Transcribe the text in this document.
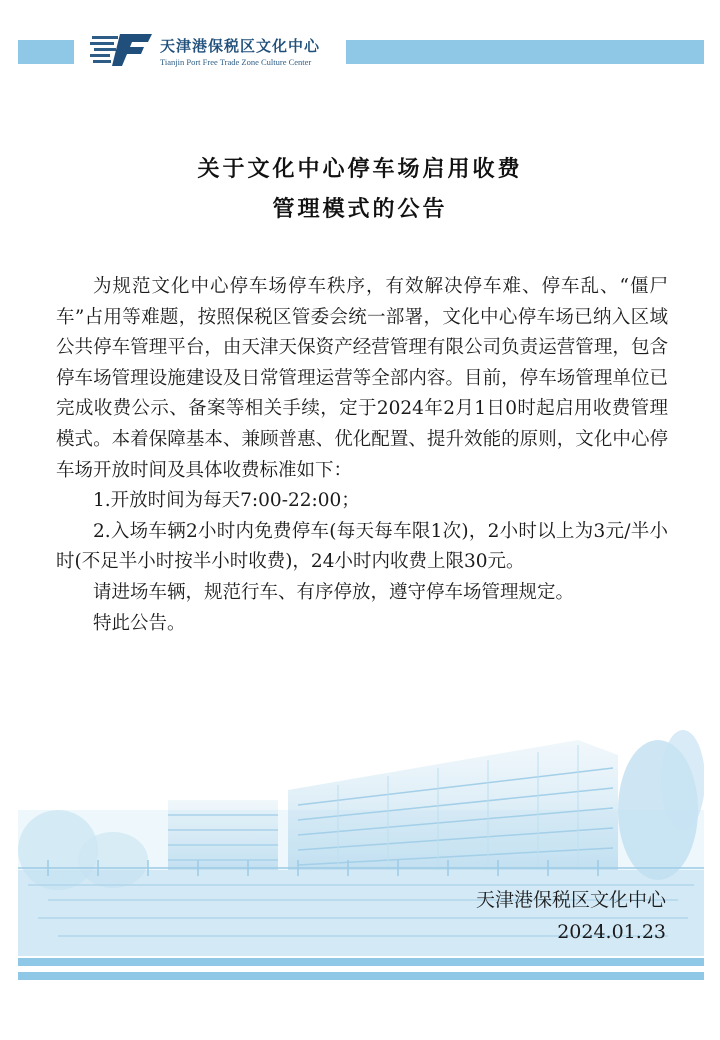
天津港保税区文化中心
Tianjin Port Free Trade Zone Culture Center
关于文化中心停车场启用收费
管理模式的公告

为规范文化中心停车场停车秩序，有效解决停车难、停车乱、“僵尸车”占用等难题，按照保税区管委会统一部署，文化中心停车场已纳入区域公共停车管理平台，由天津天保资产经营管理有限公司负责运营管理，包含停车场管理设施建设及日常管理运营等全部内容。目前，停车场管理单位已完成收费公示、备案等相关手续，定于2024年2月1日0时起启用收费管理模式。本着保障基本、兼顾普惠、优化配置、提升效能的原则，文化中心停车场开放时间及具体收费标准如下：

1.开放时间为每天7:00-22:00；

2.入场车辆2小时内免费停车(每天每车限1次)，2小时以上为3元/半小时(不足半小时按半小时收费)，24小时内收费上限30元。

请进场车辆，规范行车、有序停放，遵守停车场管理规定。

特此公告。

天津港保税区文化中心
2024.01.23
